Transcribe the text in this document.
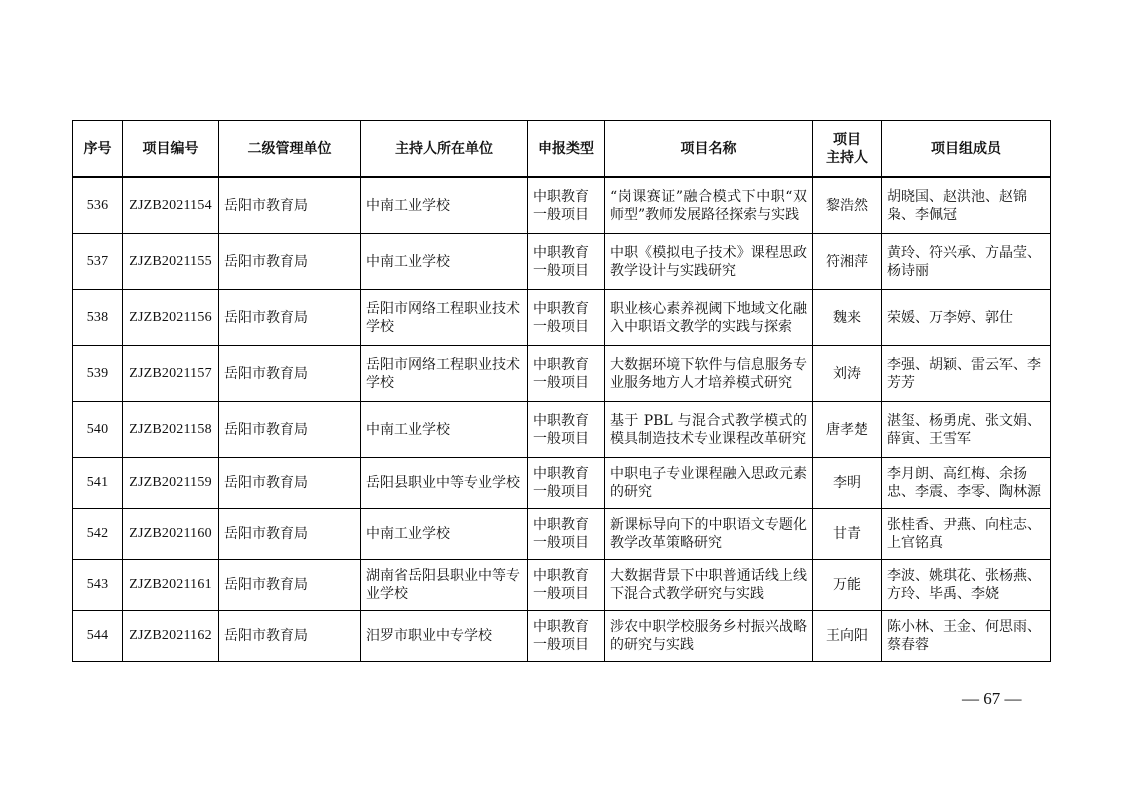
序号	项目编号	二级管理单位	主持人所在单位	申报类型	项目名称	项目
主持人	项目组成员
536	ZJZB2021154	岳阳市教育局	中南工业学校	中职教育一般项目	“岗课赛证”融合模式下中职“双师型”教师发展路径探索与实践	黎浩然	胡晓国、赵洪池、赵锦枭、李佩冠
537	ZJZB2021155	岳阳市教育局	中南工业学校	中职教育一般项目	中职《模拟电子技术》课程思政教学设计与实践研究	符湘萍	黄玲、符兴承、方晶莹、杨诗丽
538	ZJZB2021156	岳阳市教育局	岳阳市网络工程职业技术学校	中职教育一般项目	职业核心素养视阈下地域文化融入中职语文教学的实践与探索	魏来	荣媛、万李婷、郭仕
539	ZJZB2021157	岳阳市教育局	岳阳市网络工程职业技术学校	中职教育一般项目	大数据环境下软件与信息服务专业服务地方人才培养模式研究	刘涛	李强、胡颖、雷云军、李芳芳
540	ZJZB2021158	岳阳市教育局	中南工业学校	中职教育一般项目	基于 PBL 与混合式教学模式的模具制造技术专业课程改革研究	唐孝楚	湛玺、杨勇虎、张文娟、薛寅、王雪军
541	ZJZB2021159	岳阳市教育局	岳阳县职业中等专业学校	中职教育一般项目	中职电子专业课程融入思政元素的研究	李明	李月朗、高红梅、余扬忠、李震、李零、陶林源
542	ZJZB2021160	岳阳市教育局	中南工业学校	中职教育一般项目	新课标导向下的中职语文专题化教学改革策略研究	甘青	张桂香、尹燕、向柱志、上官铭真
543	ZJZB2021161	岳阳市教育局	湖南省岳阳县职业中等专业学校	中职教育一般项目	大数据背景下中职普通话线上线下混合式教学研究与实践	万能	李波、姚琪花、张杨燕、方玲、毕禹、李娆
544	ZJZB2021162	岳阳市教育局	汨罗市职业中专学校	中职教育一般项目	涉农中职学校服务乡村振兴战略的研究与实践	王向阳	陈小林、王金、何思雨、蔡春蓉
— 67 —
